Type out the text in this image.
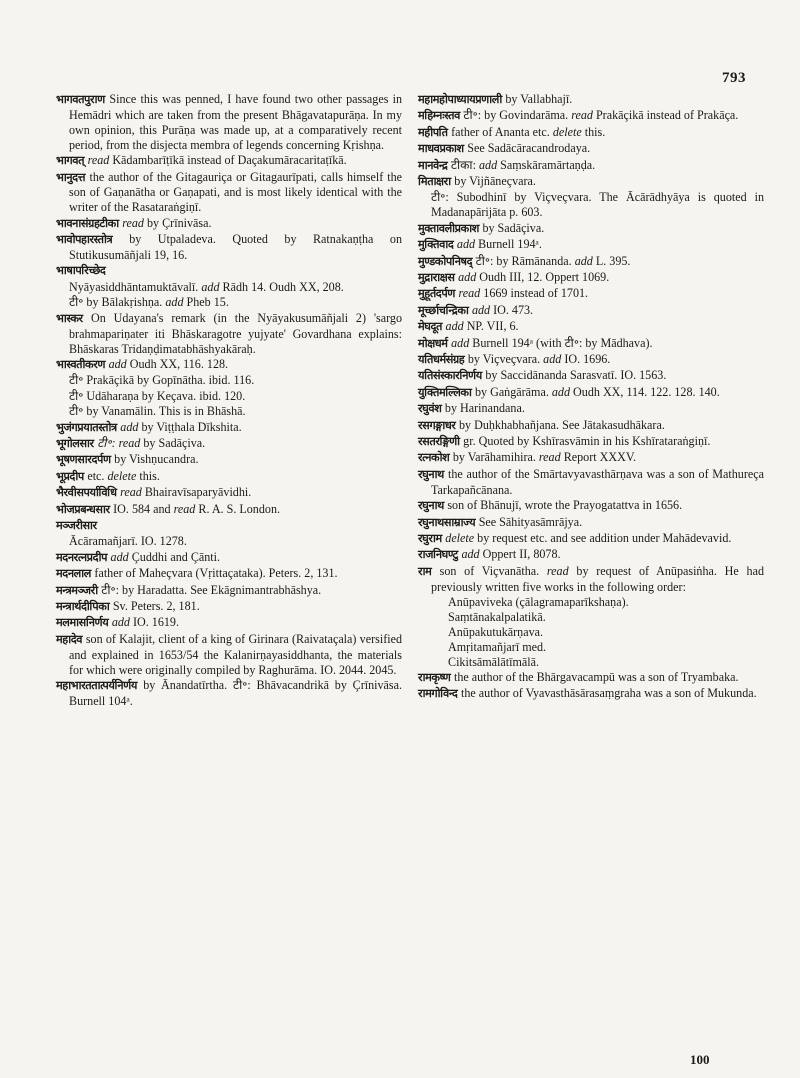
793
भागवतपुराण Since this was penned, I have found two other passages in Hemādri which are taken from the present Bhāgavatapurāṇa. In my own opinion, this Purāṇa was made up, at a comparatively recent period, from the disjecta membra of legends concerning Kṛishṇa.
भागवत् read Kādambarīṭīkā instead of Daçakumāracaritaṭīkā.
भानुदत्त the author of the Gitagauriça or Gitagaurīpati, calls himself the son of Gaṇanātha or Gaṇapati, and is most likely identical with the writer of the Rasataraṅgiṇī.
भावनासंग्रहटीका read by Çrīnivāsa.
भावोपहारस्तोत्र by Utpaladeva. Quoted by Ratnakaṇṭha on Stutikusumāñjali 19, 16.
भाषापरिच्छेद
Nyāyasiddhāntamuktāvalī. add Rādh 14. Oudh XX, 208.
टी॰ by Bālakṛishṇa. add Pheb 15.
भास्कर On Udayana's remark (in the Nyāyakusumāñjali 2) 'sargo brahmapariṇater iti Bhāskaragotre yujyate' Govardhana explains: Bhāskaras Tridaṇḍimatabhāshyakāraḥ.
भास्वतीकरण add Oudh XX, 116. 128.
टी॰ Prakāçikā by Gopīnātha. ibid. 116.
टी॰ Udāharaṇa by Keçava. ibid. 120.
टी॰ by Vanamālin. This is in Bhāshā.
भुजंगप्रयातस्तोत्र add by Viṭṭhala Dīkshita.
भूगोलसार टी॰: read by Sadāçiva.
भूषणसारदर्पण by Vishṇucandra.
भूप्रदीप etc. delete this.
भैरवीसपर्याविधि read Bhairavīsaparyāvidhi.
भोजप्रबन्धसार IO. 584 and read R. A. S. London.
मञ्जरीसार
Ācāramañjarī. IO. 1278.
मदनरत्नप्रदीप add Çuddhi and Çānti.
मदनलाल father of Maheçvara (Vṛittaçataka). Peters. 2, 131.
मन्त्रमञ्जरी टी॰: by Haradatta. See Ekāgnimantrabhāshya.
मन्त्रार्थदीपिका Sv. Peters. 2, 181.
मलमासनिर्णय add IO. 1619.
महादेव son of Kalajit, client of a king of Girinara (Raivataçala) versified and explained in 1653/54 the Kalanirṇayasiddhanta, the materials for which were originally compiled by Raghurāma. IO. 2044. 2045.
महाभारततात्पर्यनिर्णय by Ānandatīrtha. टी॰: Bhāvacandrikā by Çrīnivāsa. Burnell 104ᵃ.
महामहोपाध्यायप्रणाली by Vallabhajī.
महिम्नःस्तव टी॰: by Govindarāma. read Prakāçikā instead of Prakāça.
महीपति father of Ananta etc. delete this.
माधवप्रकाश See Sadācāracandrodaya.
मानवेन्द्र टीका: add Saṃskāramārtaṇḍa.
मिताक्षरा by Vijñāneçvara.
टी॰: Subodhinī by Viçveçvara. The Ācārādhyāya is quoted in Madanapārijāta p. 603.
मुक्तावलीप्रकाश by Sadāçiva.
मुक्तिवाद add Burnell 194ᵃ.
मुण्डकोपनिषद् टी॰: by Rāmānanda. add L. 395.
मुद्राराक्षस add Oudh III, 12. Oppert 1069.
मुहूर्तदर्पण read 1669 instead of 1701.
मूर्च्छाचन्द्रिका add IO. 473.
मेघदूत add NP. VII, 6.
मोक्षधर्म add Burnell 194ᵃ (with टी॰: by Mādhava).
यतिधर्मसंग्रह by Viçveçvara. add IO. 1696.
यतिसंस्कारनिर्णय by Saccidānanda Sarasvatī. IO. 1563.
युक्तिमल्लिका by Gaṅgārāma. add Oudh XX, 114. 122. 128. 140.
रघुवंश by Harinandana.
रसगङ्गाधर by Duḥkhabhañjana. See Jātakasudhākara.
रसतरङ्गिणी gr. Quoted by Kshīrasvāmin in his Kshīrataraṅgiṇī.
रत्नकोश by Varāhamihira. read Report XXXV.
रघुनाथ the author of the Smārtavyavasthārṇava was a son of Mathureça Tarkapañcānana.
रघुनाथ son of Bhānujī, wrote the Prayogatattva in 1656.
रघुनाथसाम्राज्य See Sāhityasāmrājya.
रघुराम delete by request etc. and see addition under Mahādevavid.
राजनिघण्टु add Oppert II, 8078.
राम son of Viçvanātha. read by request of Anūpasiṅha. He had previously written five works in the following order:
Anūpaviveka (çālagramaparīkshaṇa).
Saṃtānakalpalatikā.
Anūpakutukārṇava.
Amṛitamañjarī med.
Cikitsāmālātīmālā.
रामकृष्ण the author of the Bhārgavacampū was a son of Tryambaka.
रामगोविन्द the author of Vyavasthāsārasaṃgraha was a son of Mukunda.
100
